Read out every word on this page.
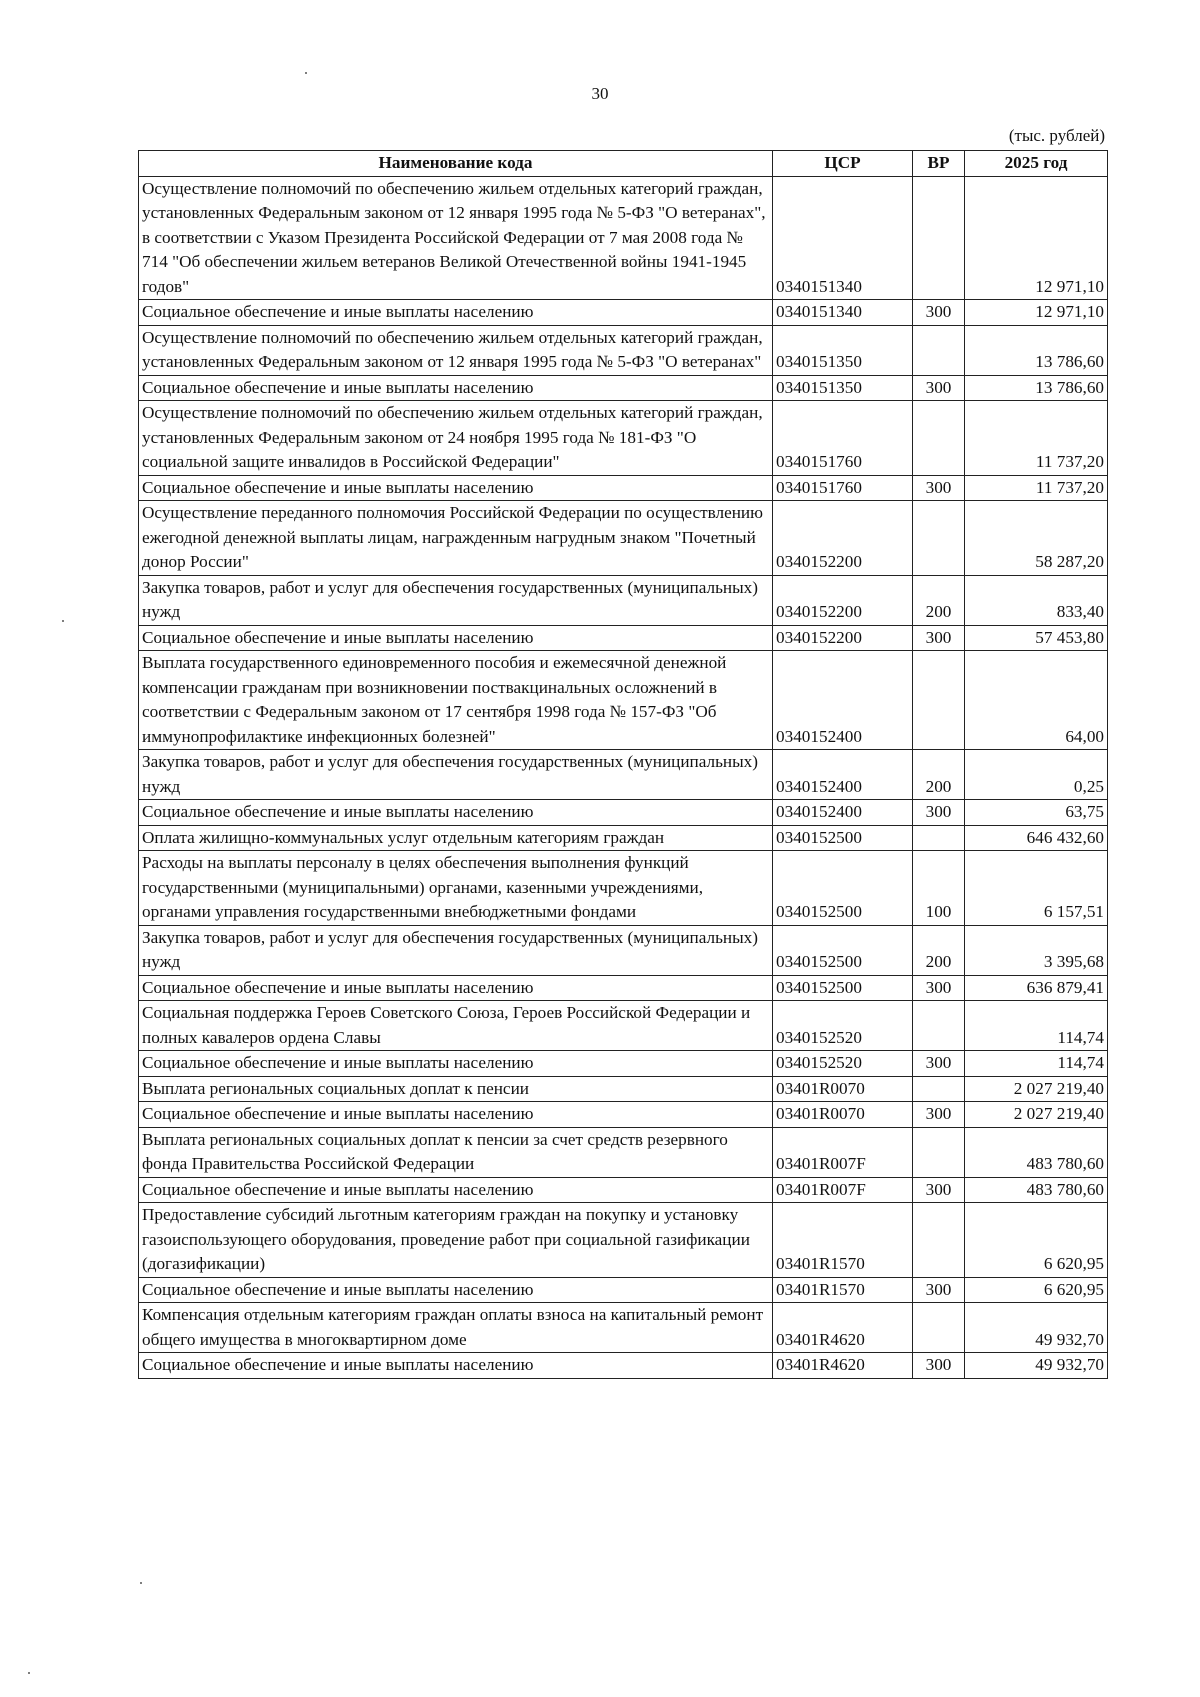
30
(тыс. рублей)
Наименование кода	ЦСР	ВР	2025 год
Осуществление полномочий по обеспечению жильем отдельных категорий граждан, установленных Федеральным законом от 12 января 1995 года № 5-ФЗ "О ветеранах", в соответствии с Указом Президента Российской Федерации от 7 мая 2008 года № 714 "Об обеспечении жильем ветеранов Великой Отечественной войны 1941-1945 годов"	0340151340		12 971,10
Социальное обеспечение и иные выплаты населению	0340151340	300	12 971,10
Осуществление полномочий по обеспечению жильем отдельных категорий граждан, установленных Федеральным законом от 12 января 1995 года № 5-ФЗ "О ветеранах"	0340151350		13 786,60
Социальное обеспечение и иные выплаты населению	0340151350	300	13 786,60
Осуществление полномочий по обеспечению жильем отдельных категорий граждан, установленных Федеральным законом от 24 ноября 1995 года № 181-ФЗ "О социальной защите инвалидов в Российской Федерации"	0340151760		11 737,20
Социальное обеспечение и иные выплаты населению	0340151760	300	11 737,20
Осуществление переданного полномочия Российской Федерации по осуществлению ежегодной денежной выплаты лицам, награжденным нагрудным знаком "Почетный донор России"	0340152200		58 287,20
Закупка товаров, работ и услуг для обеспечения государственных (муниципальных) нужд	0340152200	200	833,40
Социальное обеспечение и иные выплаты населению	0340152200	300	57 453,80
Выплата государственного единовременного пособия и ежемесячной денежной компенсации гражданам при возникновении поствакцинальных осложнений в соответствии с Федеральным законом от 17 сентября 1998 года № 157-ФЗ "Об иммунопрофилактике инфекционных болезней"	0340152400		64,00
Закупка товаров, работ и услуг для обеспечения государственных (муниципальных) нужд	0340152400	200	0,25
Социальное обеспечение и иные выплаты населению	0340152400	300	63,75
Оплата жилищно-коммунальных услуг отдельным категориям граждан	0340152500		646 432,60
Расходы на выплаты персоналу в целях обеспечения выполнения функций государственными (муниципальными) органами, казенными учреждениями, органами управления государственными внебюджетными фондами	0340152500	100	6 157,51
Закупка товаров, работ и услуг для обеспечения государственных (муниципальных) нужд	0340152500	200	3 395,68
Социальное обеспечение и иные выплаты населению	0340152500	300	636 879,41
Социальная поддержка Героев Советского Союза, Героев Российской Федерации и полных кавалеров ордена Славы	0340152520		114,74
Социальное обеспечение и иные выплаты населению	0340152520	300	114,74
Выплата региональных социальных доплат к пенсии	03401R0070		2 027 219,40
Социальное обеспечение и иные выплаты населению	03401R0070	300	2 027 219,40
Выплата региональных социальных доплат к пенсии за счет средств резервного фонда Правительства Российской Федерации	03401R007F		483 780,60
Социальное обеспечение и иные выплаты населению	03401R007F	300	483 780,60
Предоставление субсидий льготным категориям граждан на покупку и установку газоиспользующего оборудования, проведение работ при социальной газификации (догазификации)	03401R1570		6 620,95
Социальное обеспечение и иные выплаты населению	03401R1570	300	6 620,95
Компенсация отдельным категориям граждан оплаты взноса на капитальный ремонт общего имущества в многоквартирном доме	03401R4620		49 932,70
Социальное обеспечение и иные выплаты населению	03401R4620	300	49 932,70
